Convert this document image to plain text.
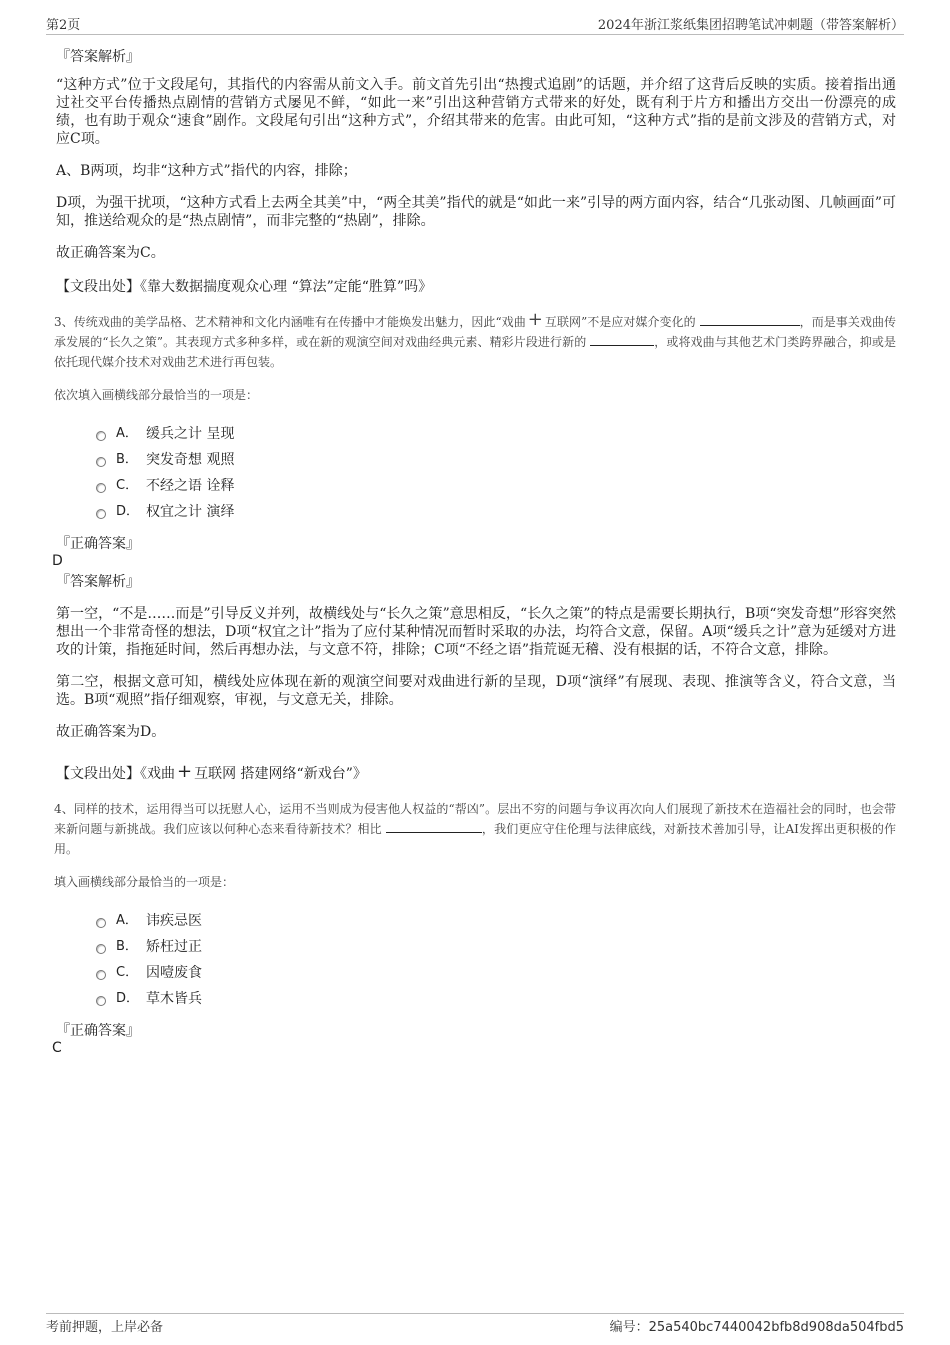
第2页	2024年浙江浆纸集团招聘笔试冲刺题（带答案解析）
『答案解析』

“这种方式”位于文段尾句，其指代的内容需从前文入手。前文首先引出“热搜式追剧”的话题，并介绍了这背后反映的实质。接着指出通过社交平台传播热点剧情的营销方式屡见不鲜，“如此一来”引出这种营销方式带来的好处，既有利于片方和播出方交出一份漂亮的成绩，也有助于观众“速食”剧作。文段尾句引出“这种方式”，介绍其带来的危害。由此可知，“这种方式”指的是前文涉及的营销方式，对应C项。

A、B两项，均非“这种方式”指代的内容，排除；

D项，为强干扰项，“这种方式看上去两全其美”中，“两全其美”指代的就是“如此一来”引导的两方面内容，结合“几张动图、几帧画面”可知，推送给观众的是“热点剧情”，而非完整的“热剧”，排除。

故正确答案为C。

【文段出处】《靠大数据揣度观众心理 “算法”定能“胜算”吗》
3、传统戏曲的美学品格、艺术精神和文化内涵唯有在传播中才能焕发出魅力，因此“戏曲 + 互联网”不是应对媒介变化的	，而是事关戏曲传承发展的“长久之策”。其表现方式多种多样，或在新的观演空间对戏曲经典元素、精彩片段进行新的	，或将戏曲与其他艺术门类跨界融合，抑或是依托现代媒介技术对戏曲艺术进行再包装。
依次填入画横线部分最恰当的一项是：
A． 缓兵之计 呈现
B． 突发奇想 观照
C． 不经之语 诠释
D． 权宜之计 演绎
『正确答案』
D
『答案解析』

第一空，“不是……而是”引导反义并列，故横线处与“长久之策”意思相反，“长久之策”的特点是需要长期执行，B项“突发奇想”形容突然想出一个非常奇怪的想法，D项“权宜之计”指为了应付某种情况而暂时采取的办法，均符合文意，保留。A项“缓兵之计”意为延缓对方进攻的计策，指拖延时间，然后再想办法，与文意不符，排除；C项“不经之语”指荒诞无稽、没有根据的话，不符合文意，排除。

第二空，根据文意可知，横线处应体现在新的观演空间要对戏曲进行新的呈现，D项“演绎”有展现、表现、推演等含义，符合文意，当选。B项“观照”指仔细观察，审视，与文意无关，排除。

故正确答案为D。

【文段出处】《戏曲 + 互联网 搭建网络“新戏台”》
4、同样的技术，运用得当可以抚慰人心，运用不当则成为侵害他人权益的“帮凶”。层出不穷的问题与争议再次向人们展现了新技术在造福社会的同时，也会带来新问题与新挑战。我们应该以何种心态来看待新技术？相比	，我们更应守住伦理与法律底线，对新技术善加引导，让AI发挥出更积极的作用。
填入画横线部分最恰当的一项是：
A． 讳疾忌医
B． 矫枉过正
C． 因噎废食
D． 草木皆兵
『正确答案』
C
考前押题，上岸必备	编号：25a540bc7440042bfb8d908da504fbd5
